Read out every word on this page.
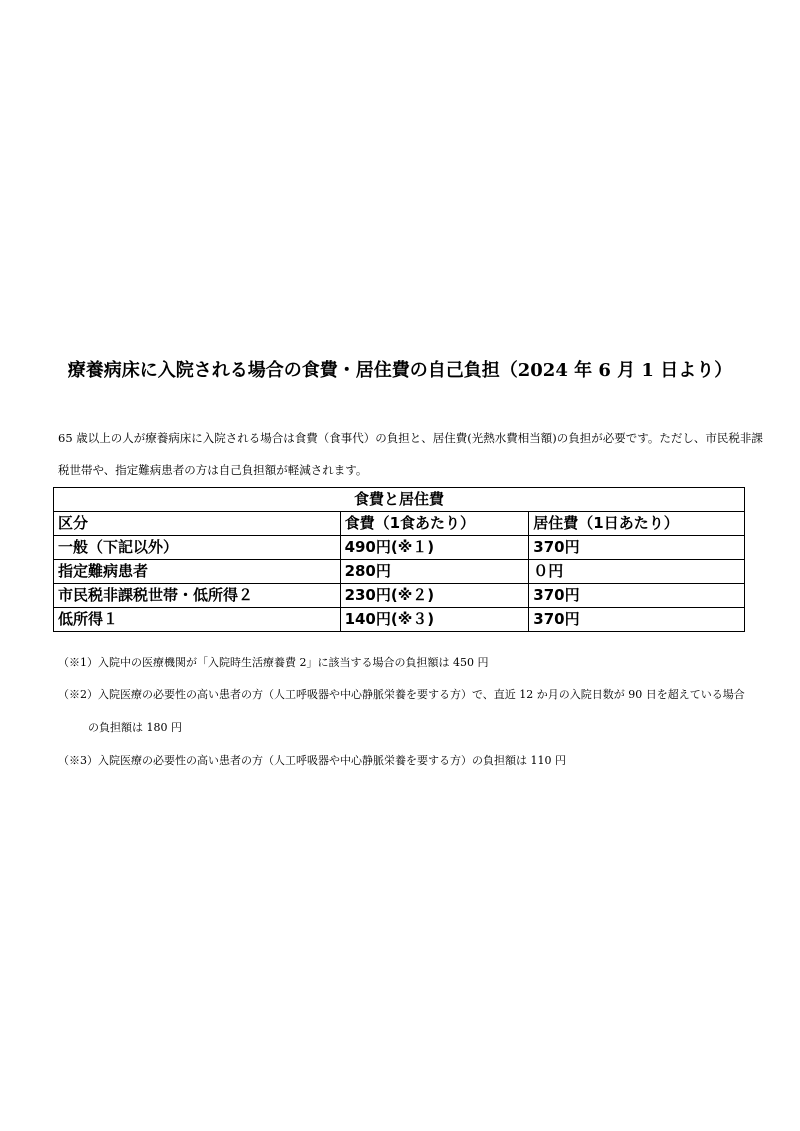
療養病床に入院される場合の食費・居住費の自己負担（2024 年 6 月 1 日より）
65 歳以上の人が療養病床に入院される場合は食費（食事代）の負担と、居住費(光熱水費相当額)の負担が必要です。ただし、市民税非課
税世帯や、指定難病患者の方は自己負担額が軽減されます。
食費と居住費		
区分	食費（1食あたり）	居住費（1日あたり）
一般（下記以外）	490円(※１)	370円
指定難病患者	280円	０円
市民税非課税世帯・低所得２	230円(※２)	370円
低所得１	140円(※３)	370円
（※1）入院中の医療機関が「入院時生活療養費 2」に該当する場合の負担額は 450 円
（※2）入院医療の必要性の高い患者の方（人工呼吸器や中心静脈栄養を要する方）で、直近 12 か月の入院日数が 90 日を超えている場合
の負担額は 180 円
（※3）入院医療の必要性の高い患者の方（人工呼吸器や中心静脈栄養を要する方）の負担額は 110 円
